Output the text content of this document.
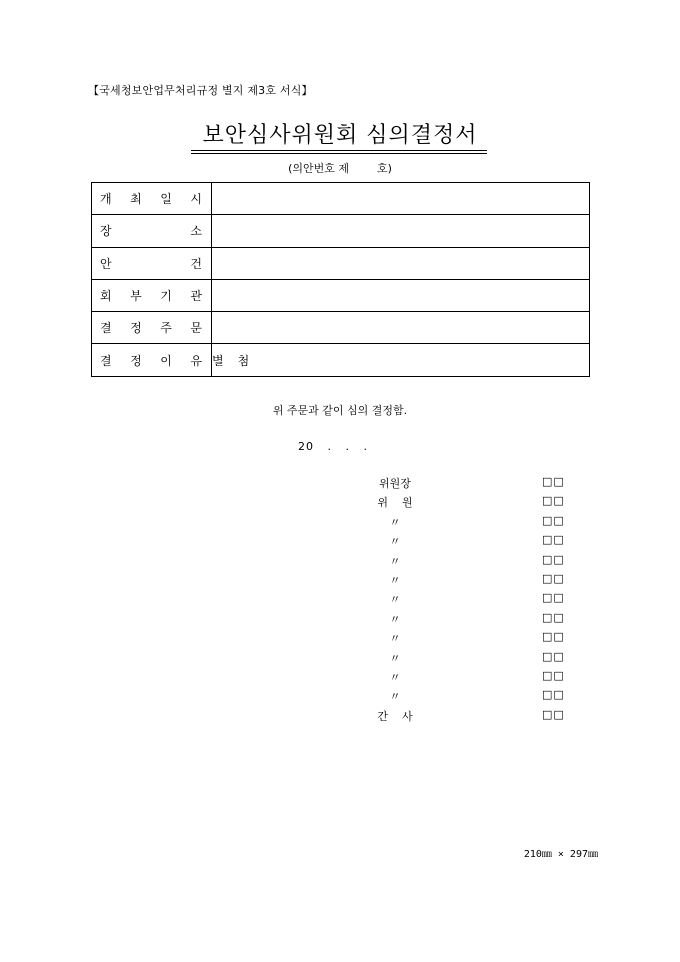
【국세청보안업무처리규정 별지 제3호 서식】
보안심사위원회 심의결정서
(의안번호 제        호)
개 최 일 시	

장 소	

안 건	

회 부 기 관	

결 정 주 문	

결 정 이 유	별첨
위 주문과 같이 심의 결정함.
20   .   .   .
위원장	□□
위    원	□□
〃	□□
〃	□□
〃	□□
〃	□□
〃	□□
〃	□□
〃	□□
〃	□□
〃	□□
〃	□□
간    사	□□
210㎜ × 297㎜
